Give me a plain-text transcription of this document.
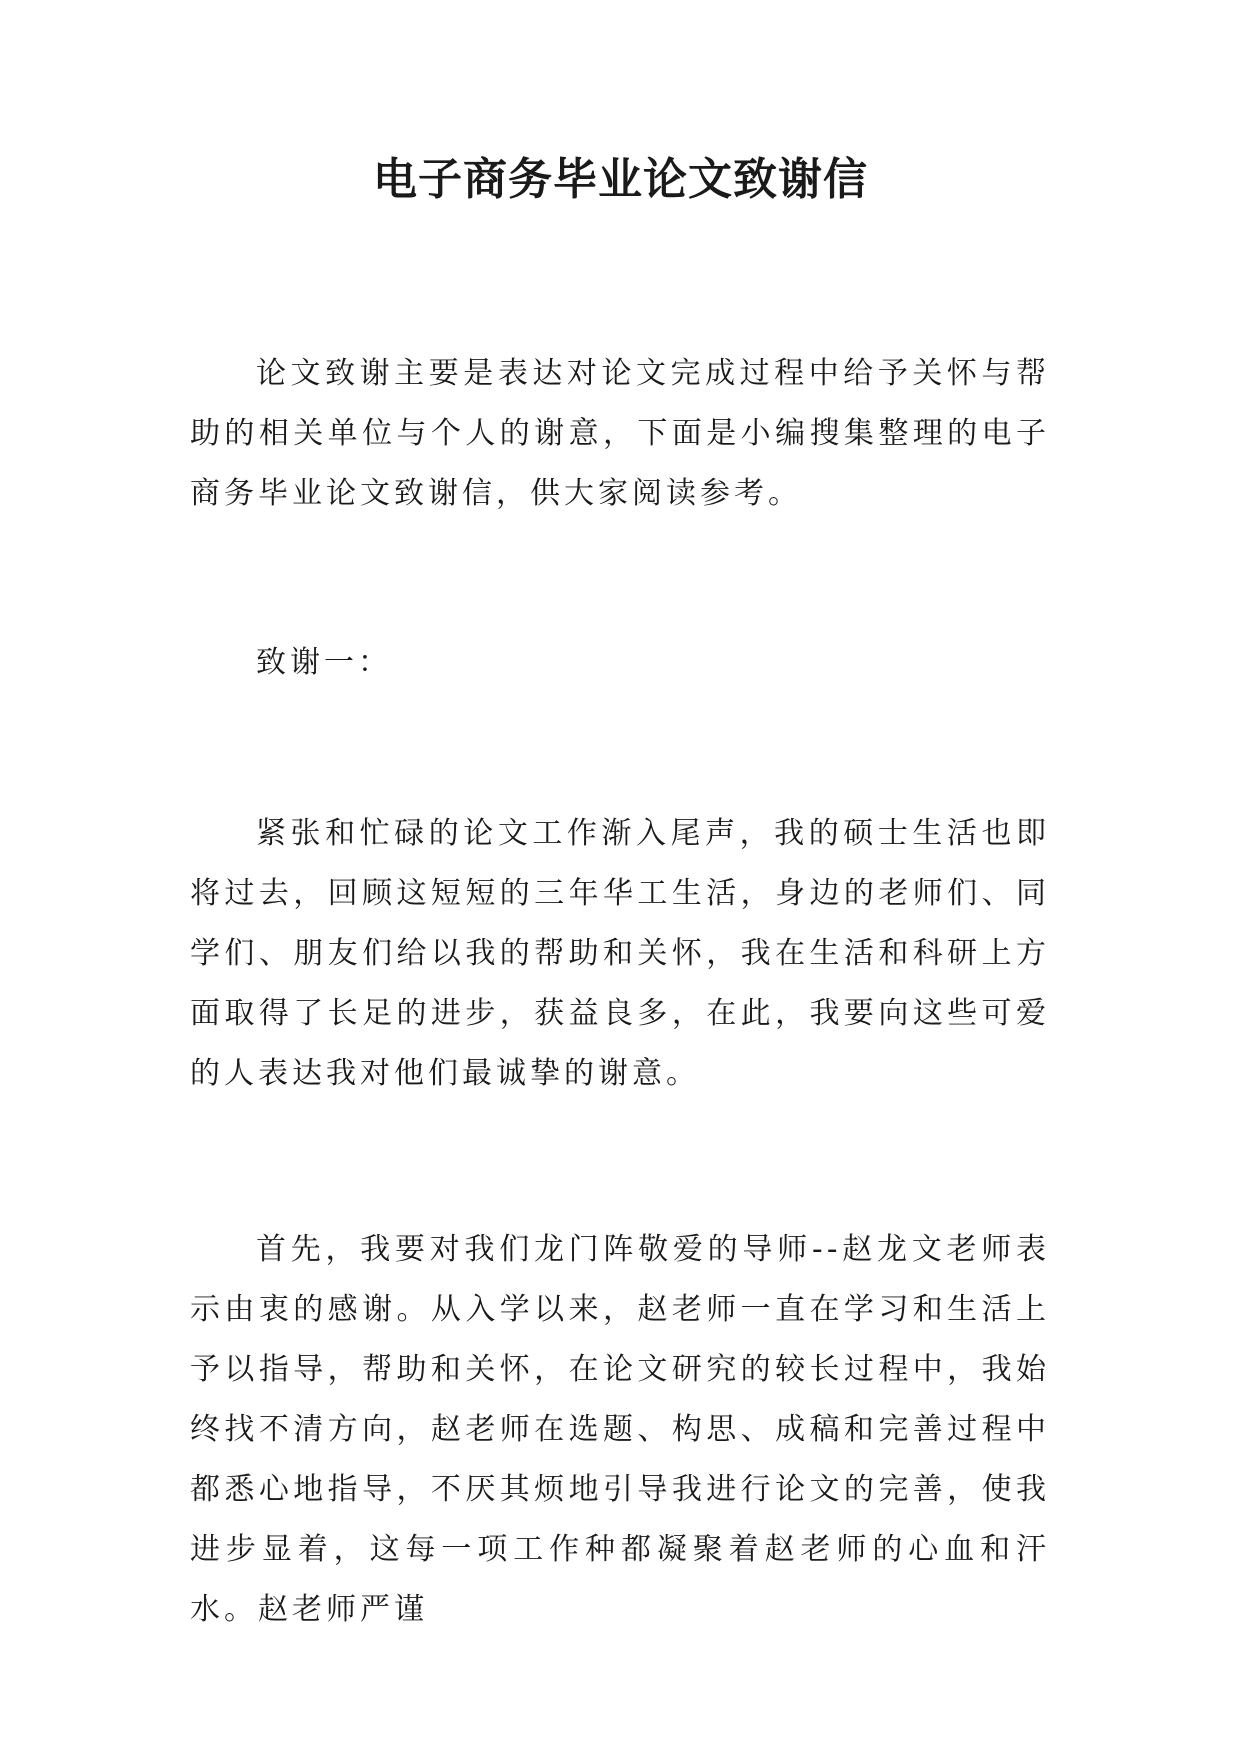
电子商务毕业论文致谢信

论文致谢主要是表达对论文完成过程中给予关怀与帮助的相关单位与个人的谢意，下面是小编搜集整理的电子商务毕业论文致谢信，供大家阅读参考。

致谢一：

紧张和忙碌的论文工作渐入尾声，我的硕士生活也即将过去，回顾这短短的三年华工生活，身边的老师们、同学们、朋友们给以我的帮助和关怀，我在生活和科研上方面取得了长足的进步，获益良多，在此，我要向这些可爱的人表达我对他们最诚挚的谢意。

首先，我要对我们龙门阵敬爱的导师--赵龙文老师表示由衷的感谢。从入学以来，赵老师一直在学习和生活上予以指导，帮助和关怀，在论文研究的较长过程中，我始终找不清方向，赵老师在选题、构思、成稿和完善过程中都悉心地指导，不厌其烦地引导我进行论文的完善，使我进步显着，这每一项工作种都凝聚着赵老师的心血和汗水。赵老师严谨
